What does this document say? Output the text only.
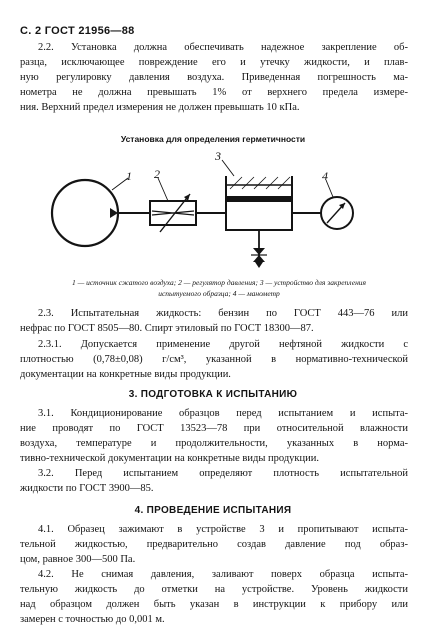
С. 2 ГОСТ 21956—88

2.2. Установка должна обеспечивать надежное закрепление об-
разца, исключающее повреждение его и утечку жидкости, и плав-
ную регулировку давления воздуха. Приведенная погрешность ма-
нометра не должна превышать 1% от верхнего предела измере-
ния. Верхний предел измерения не должен превышать 10 кПа.

Установка для определения герметичности
1 2
3
4
1 — источник сжатого воздуха; 2 — регулятор давления; 3 — устройство для закрепления
испытуемого образца; 4 — манометр

2.3. Испытательная жидкость: бензин по ГОСТ 443—76 или
нефрас по ГОСТ 8505—80. Спирт этиловый по ГОСТ 18300—87.

2.3.1. Допускается применение другой нефтяной жидкости с
плотностью (0,78±0,08) г/см³, указанной в нормативно-технической
документации на конкретные виды продукции.

3. ПОДГОТОВКА К ИСПЫТАНИЮ

3.1. Кондиционирование образцов перед испытанием и испыта-
ние проводят по ГОСТ 13523—78 при относительной влажности
воздуха, температуре и продолжительности, указанных в норма-
тивно-технической документации на конкретные виды продукции.

3.2. Перед испытанием определяют плотность испытательной
жидкости по ГОСТ 3900—85.

4. ПРОВЕДЕНИЕ ИСПЫТАНИЯ

4.1. Образец зажимают в устройстве 3 и пропитывают испыта-
тельной жидкостью, предварительно создав давление под образ-
цом, равное 300—500 Па.

4.2. Не снимая давления, заливают поверх образца испыта-
тельную жидкость до отметки на устройстве. Уровень жидкости
над образцом должен быть указан в инструкции к прибору или
замерен с точностью до 0,001 м.
